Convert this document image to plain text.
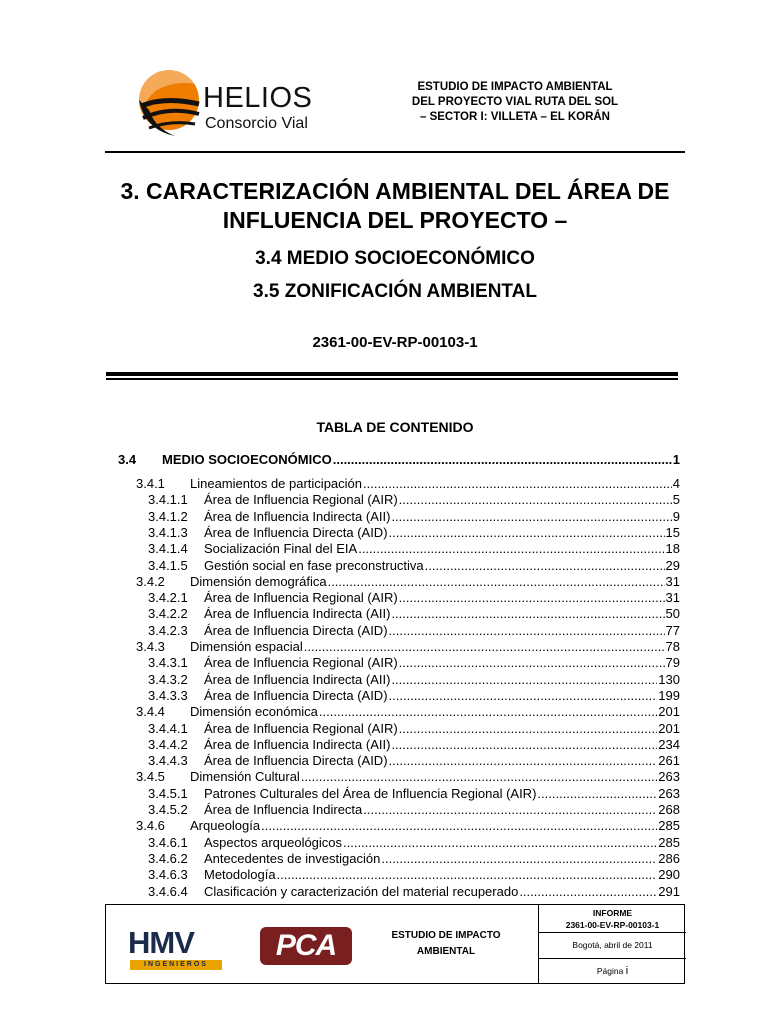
HELIOS
Consorcio Vial
ESTUDIO DE IMPACTO AMBIENTAL
DEL PROYECTO VIAL RUTA DEL SOL
– SECTOR I: VILLETA – EL KORÁN
3. CARACTERIZACIÓN AMBIENTAL DEL ÁREA DE
INFLUENCIA DEL PROYECTO –
3.4 MEDIO SOCIOECONÓMICO
3.5 ZONIFICACIÓN AMBIENTAL
2361-00-EV-RP-00103-1
TABLA DE CONTENIDO
3.4	MEDIO SOCIOECONÓMICO .....	1
3.4.1	Lineamientos de participación .....	4
3.4.1.1	Área de Influencia Regional (AIR) .....	5
3.4.1.2	Área de Influencia Indirecta (AII) .....	9
3.4.1.3	Área de Influencia Directa (AID) .....	15
3.4.1.4	Socialización Final del EIA .....	18
3.4.1.5	Gestión social en fase preconstructiva .....	29
3.4.2	Dimensión demográfica .....	31
3.4.2.1	Área de Influencia Regional (AIR) .....	31
3.4.2.2	Área de Influencia Indirecta (AII) .....	50
3.4.2.3	Área de Influencia Directa (AID) .....	77
3.4.3	Dimensión espacial .....	78
3.4.3.1	Área de Influencia Regional (AIR) .....	79
3.4.3.2	Área de Influencia Indirecta (AII) .....	130
3.4.3.3	Área de Influencia Directa (AID) .....	199
3.4.4	Dimensión económica .....	201
3.4.4.1	Área de Influencia Regional (AIR) .....	201
3.4.4.2	Área de Influencia Indirecta (AII) .....	234
3.4.4.3	Área de Influencia Directa (AID) .....	261
3.4.5	Dimensión Cultural .....	263
3.4.5.1	Patrones Culturales del Área de Influencia Regional (AIR) .....	263
3.4.5.2	Área de Influencia Indirecta .....	268
3.4.6	Arqueología .....	285
3.4.6.1	Aspectos arqueológicos .....	285
3.4.6.2	Antecedentes de investigación .....	286
3.4.6.3	Metodología .....	290
3.4.6.4	Clasificación y caracterización del material recuperado .....	291
HMV
INGENIEROS
PCA	ESTUDIO DE IMPACTO
AMBIENTAL
INFORME
2361-00-EV-RP-00103-1
Bogotá, abril de 2011
Página i
